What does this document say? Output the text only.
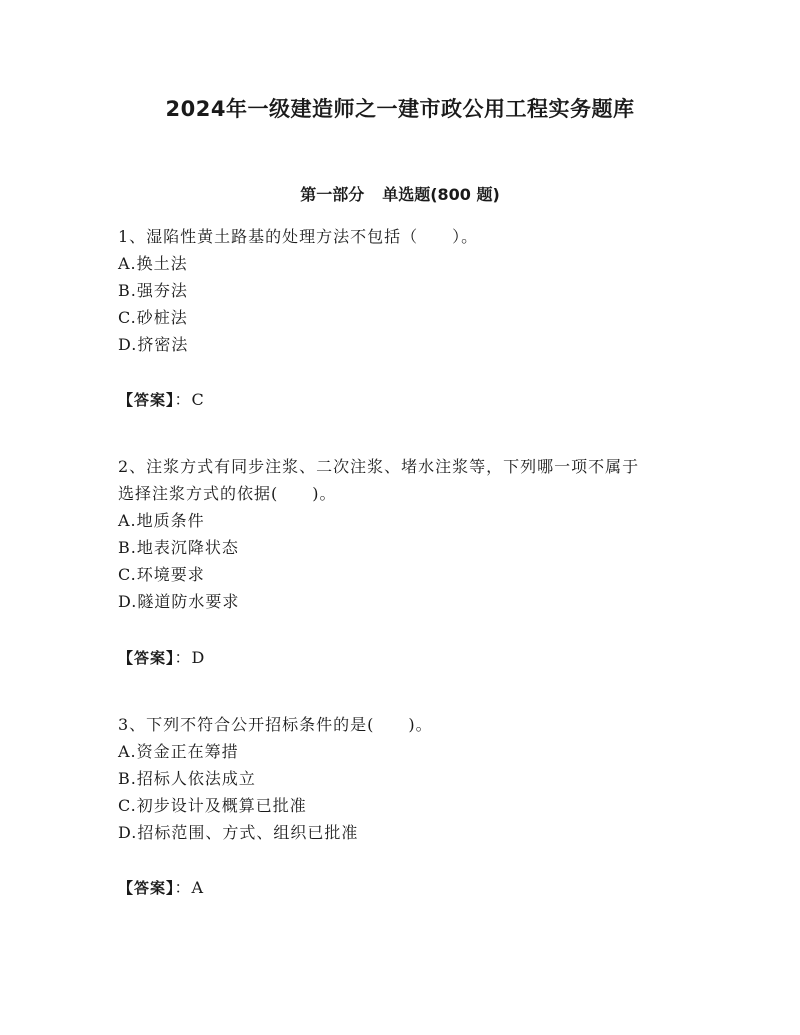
2024年一级建造师之一建市政公用工程实务题库
第一部分 单选题(800 题)
1、湿陷性黄土路基的处理方法不包括（　　）。
A.换土法
B.强夯法
C.砂桩法
D.挤密法
【答案】：C
2、注浆方式有同步注浆、二次注浆、堵水注浆等，下列哪一项不属于
选择注浆方式的依据(　　)。
A.地质条件
B.地表沉降状态
C.环境要求
D.隧道防水要求
【答案】：D
3、下列不符合公开招标条件的是(　　)。
A.资金正在筹措
B.招标人依法成立
C.初步设计及概算已批准
D.招标范围、方式、组织已批准
【答案】：A
